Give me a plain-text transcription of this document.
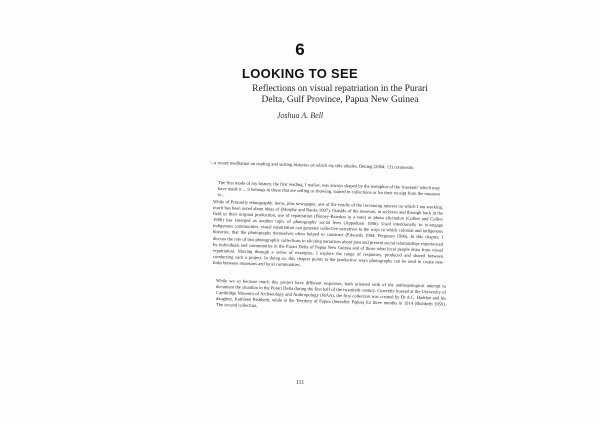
6
LOOKING TO SEE
Reflections on visual repatriation in the Purari Delta, Gulf Province, Papua New Guinea
Joshua A. Bell

'...a recent meditation on reading and writing histories on which my title alludes, Dening (2004: 13) comments:

The first mode of my history, the first reading, I realise, was always shaped by the metaphor of the 'museum' which may have made it ... it belongs to those that are selling or showing, loaned in collections or for their receipt from the museum is...

While of Primarily ethnographic items, plus newspaper, one of the results of the increasing interest on which I am working, much has been noted about ideas of (Morphy and Banks 1997). Outside of the museum, in archives and through back in the field or their original production, use of repatriation (Binney-Rawdon in a vote) or photo elicitation (Collier and Collier 1986) has emerged as another topic of photographs' social lives (Appadurai 1986). Used intentionally to re-engage indigenous communities, visual repatriation can generate collective narratives to the ways in which colonial and indigenous histories, that the photographs themselves often helped to construct (Edwards 1994; Ferguson 1996). In this chapter, I discuss the role of two photographic collections in eliciting narratives about past and present social relationships experienced by individuals and communities in the Purari Delta of Papua New Guinea and of those what local people draw from visual repatriation. Moving through a series of examples, I explore the range of responses, produced and shared between conducting such a project. In doing so, this chapter points to the productive ways photographs can be used to create new links between museums and local communities.

While we so because much this project have different responses, both oriented with of the anthropological attempt to document the situation in the Purari Delta during the first half of the twentieth century. Currently housed at the University of Cambridge Museum of Archaeology and Anthropology (MAA), the first collection was created by Dr A.C. Haddon and his daughter, Kathleen Rishbeth, while in the Territory of Papua (hereafter Papua) for three months in 1914 (Rishbeth 1959). The second collection,

111
